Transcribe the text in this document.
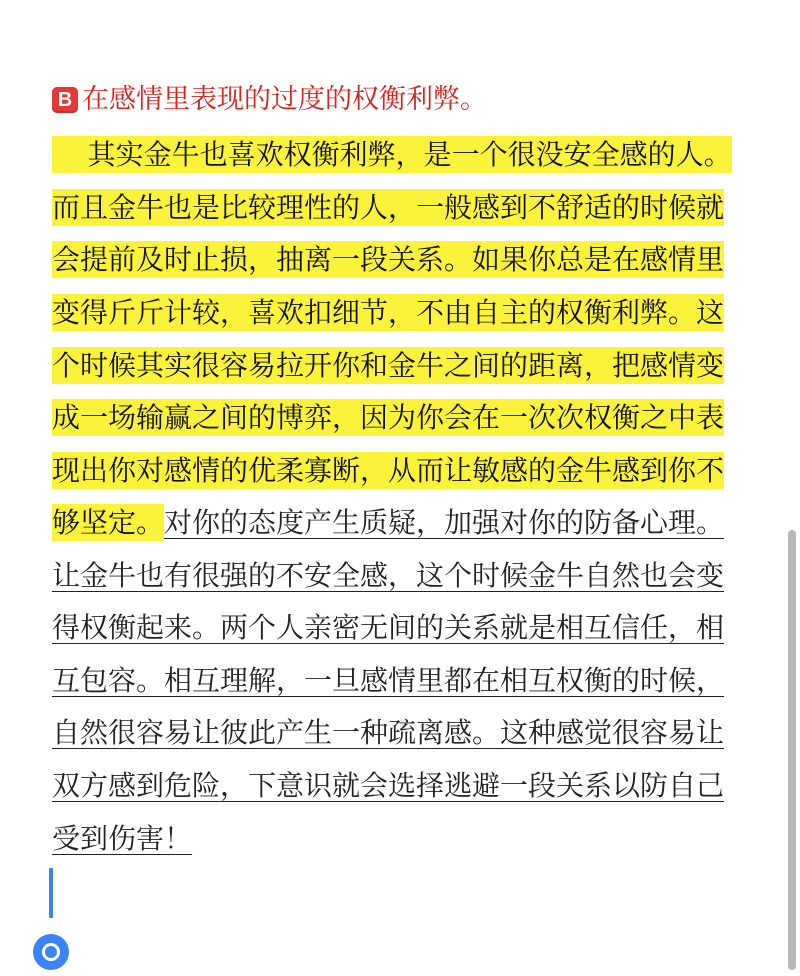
B 在感情里表现的过度的权衡利弊。
其实金牛也喜欢权衡利弊，是一个很没安全感的人。
而且金牛也是比较理性的人，一般感到不舒适的时候就
会提前及时止损，抽离一段关系。如果你总是在感情里
变得斤斤计较，喜欢扣细节，不由自主的权衡利弊。这
个时候其实很容易拉开你和金牛之间的距离，把感情变
成一场输赢之间的博弈，因为你会在一次次权衡之中表
现出你对感情的优柔寡断，从而让敏感的金牛感到你不
够坚定。对你的态度产生质疑，加强对你的防备心理。
让金牛也有很强的不安全感，这个时候金牛自然也会变
得权衡起来。两个人亲密无间的关系就是相互信任，相
互包容。相互理解，一旦感情里都在相互权衡的时候，
自然很容易让彼此产生一种疏离感。这种感觉很容易让
双方感到危险，下意识就会选择逃避一段关系以防自己
受到伤害！
